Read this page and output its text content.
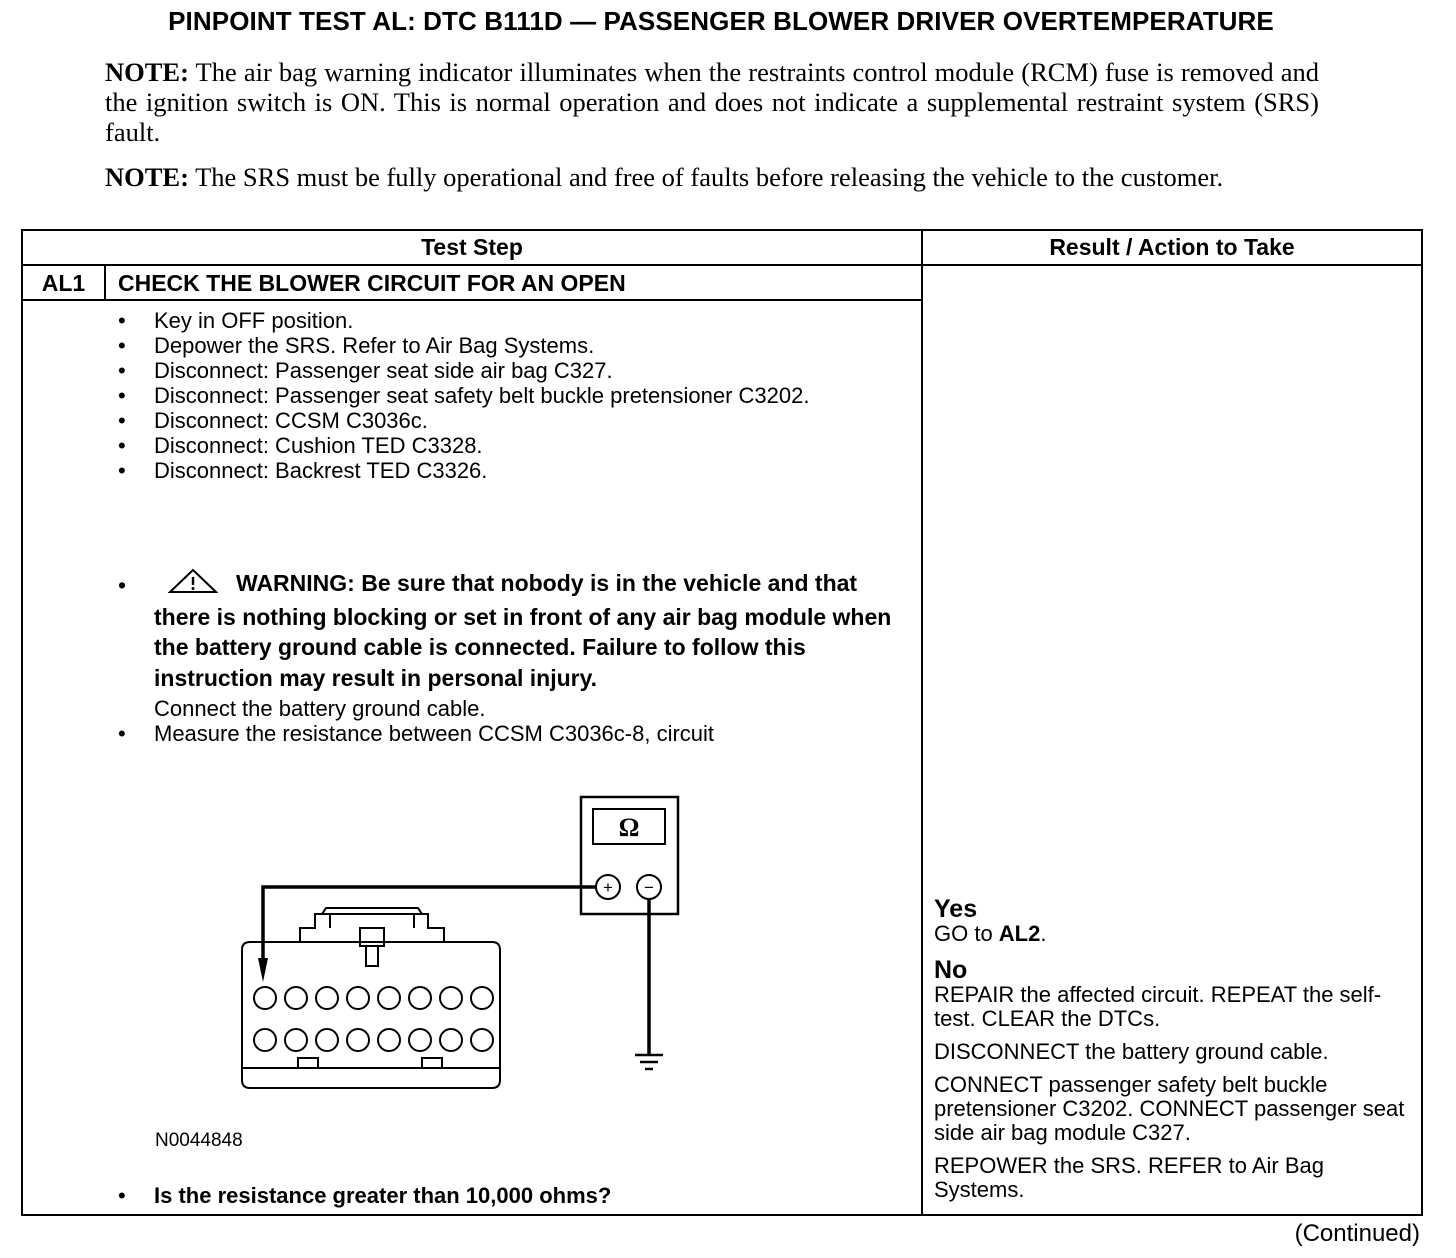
PINPOINT TEST AL: DTC B111D — PASSENGER BLOWER DRIVER OVERTEMPERATURE
NOTE: The air bag warning indicator illuminates when the restraints control module (RCM) fuse is removed and the ignition switch is ON. This is normal operation and does not indicate a supplemental restraint system (SRS) fault.
NOTE: The SRS must be fully operational and free of faults before releasing the vehicle to the customer.
Test Step	Result / Action to Take
AL1	CHECK THE BLOWER CIRCUIT FOR AN OPEN
• Key in OFF position.
• Depower the SRS. Refer to Air Bag Systems.
• Disconnect: Passenger seat side air bag C327.
• Disconnect: Passenger seat safety belt buckle pretensioner C3202.
• Disconnect: CCSM C3036c.
• Disconnect: Cushion TED C3328.
• Disconnect: Backrest TED C3326.
•	WARNING: Be sure that nobody is in the vehicle and that there is nothing blocking or set in front of any air bag module when the battery ground cable is connected. Failure to follow this instruction may result in personal injury.
Connect the battery ground cable.
• Measure the resistance between CCSM C3036c-8, circuit
Ω
+ −
N0044848
• Is the resistance greater than 10,000 ohms?
Yes

GO to AL2.

No

REPAIR the affected circuit. REPEAT the self-test. CLEAR the DTCs.

DISCONNECT the battery ground cable.

CONNECT passenger safety belt buckle pretensioner C3202. CONNECT passenger seat side air bag module C327.

REPOWER the SRS. REFER to Air Bag Systems.

(Continued)
